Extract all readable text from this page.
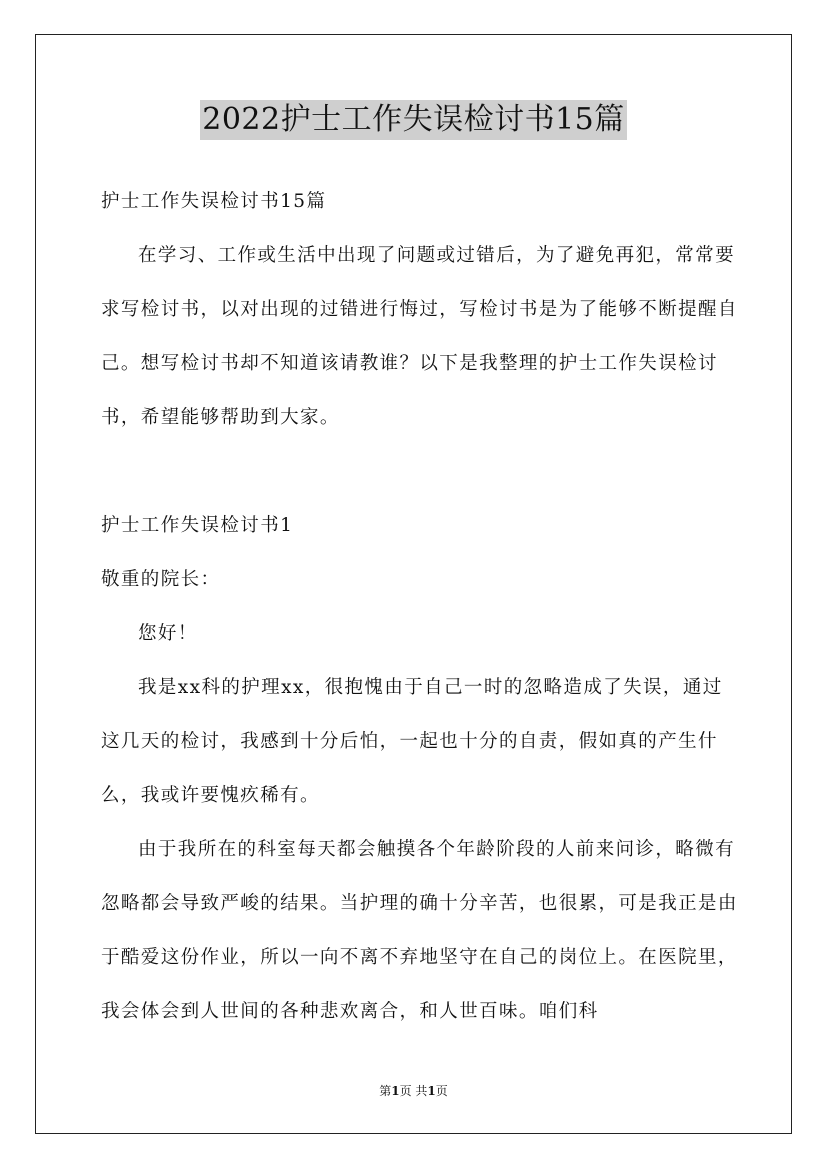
2022护士工作失误检讨书15篇

护士工作失误检讨书15篇

在学习、工作或生活中出现了问题或过错后，为了避免再犯，常常要求写检讨书，以对出现的过错进行悔过，写检讨书是为了能够不断提醒自己。想写检讨书却不知道该请教谁？以下是我整理的护士工作失误检讨书，希望能够帮助到大家。

护士工作失误检讨书1

敬重的院长：

您好！

我是xx科的护理xx，很抱愧由于自己一时的忽略造成了失误，通过这几天的检讨，我感到十分后怕，一起也十分的自责，假如真的产生什么，我或许要愧疚稀有。

由于我所在的科室每天都会触摸各个年龄阶段的人前来问诊，略微有忽略都会导致严峻的结果。当护理的确十分辛苦，也很累，可是我正是由于酷爱这份作业，所以一向不离不弃地坚守在自己的岗位上。在医院里，我会体会到人世间的各种悲欢离合，和人世百味。咱们科

第1页 共1页
